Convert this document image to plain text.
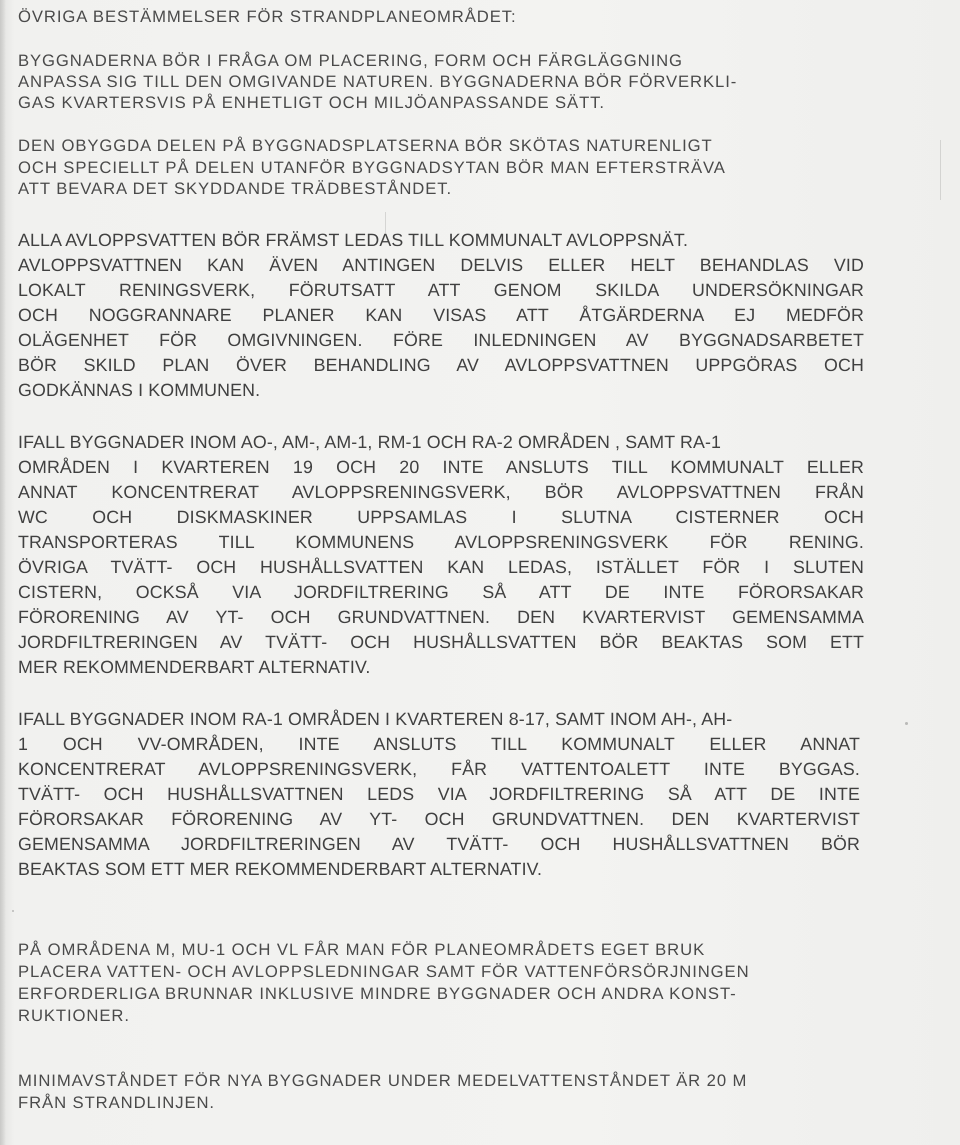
ÖVRIGA BESTÄMMELSER FÖR STRANDPLANEOMRÅDET:
BYGGNADERNA BÖR I FRÅGA OM PLACERING, FORM OCH FÄRGLÄGGNING
ANPASSA SIG TILL DEN OMGIVANDE NATUREN. BYGGNADERNA BÖR FÖRVERKLI-
GAS KVARTERSVIS PÅ ENHETLIGT OCH MILJÖANPASSANDE SÄTT.
DEN OBYGGDA DELEN PÅ BYGGNADSPLATSERNA BÖR SKÖTAS NATURENLIGT
OCH SPECIELLT PÅ DELEN UTANFÖR BYGGNADSYTAN BÖR MAN EFTERSTRÄVA
ATT BEVARA DET SKYDDANDE TRÄDBESTÅNDET.
ALLA AVLOPPSVATTEN BÖR FRÄMST LEDAS TILL KOMMUNALT AVLOPPSNÄT.
AVLOPPSVATTNEN KAN ÄVEN ANTINGEN DELVIS ELLER HELT BEHANDLAS VID
LOKALT RENINGSVERK, FÖRUTSATT ATT GENOM SKILDA UNDERSÖKNINGAR
OCH NOGGRANNARE PLANER KAN VISAS ATT ÅTGÄRDERNA EJ MEDFÖR
OLÄGENHET FÖR OMGIVNINGEN. FÖRE INLEDNINGEN AV BYGGNADSARBETET
BÖR SKILD PLAN ÖVER BEHANDLING AV AVLOPPSVATTNEN UPPGÖRAS OCH
GODKÄNNAS I KOMMUNEN.
IFALL BYGGNADER INOM AO-, AM-, AM-1, RM-1 OCH RA-2 OMRÅDEN , SAMT RA-1
OMRÅDEN I KVARTEREN 19 OCH 20 INTE ANSLUTS TILL KOMMUNALT ELLER
ANNAT KONCENTRERAT AVLOPPSRENINGSVERK, BÖR AVLOPPSVATTNEN FRÅN
WC OCH DISKMASKINER UPPSAMLAS I SLUTNA CISTERNER OCH
TRANSPORTERAS TILL KOMMUNENS AVLOPPSRENINGSVERK FÖR RENING.
ÖVRIGA TVÄTT- OCH HUSHÅLLSVATTEN KAN LEDAS, ISTÄLLET FÖR I SLUTEN
CISTERN, OCKSÅ VIA JORDFILTRERING SÅ ATT DE INTE FÖRORSAKAR
FÖRORENING AV YT- OCH GRUNDVATTNEN. DEN KVARTERVIST GEMENSAMMA
JORDFILTRERINGEN AV TVÄTT- OCH HUSHÅLLSVATTEN BÖR BEAKTAS SOM ETT
MER REKOMMENDERBART ALTERNATIV.
IFALL BYGGNADER INOM RA-1 OMRÅDEN I KVARTEREN 8-17, SAMT INOM AH-, AH-
1 OCH VV-OMRÅDEN, INTE ANSLUTS TILL KOMMUNALT ELLER ANNAT
KONCENTRERAT AVLOPPSRENINGSVERK, FÅR VATTENTOALETT INTE BYGGAS.
TVÄTT- OCH HUSHÅLLSVATTNEN LEDS VIA JORDFILTRERING SÅ ATT DE INTE
FÖRORSAKAR FÖRORENING AV YT- OCH GRUNDVATTNEN. DEN KVARTERVIST
GEMENSAMMA JORDFILTRERINGEN AV TVÄTT- OCH HUSHÅLLSVATTNEN BÖR
BEAKTAS SOM ETT MER REKOMMENDERBART ALTERNATIV.
PÅ OMRÅDENA M, MU-1 OCH VL FÅR MAN FÖR PLANEOMRÅDETS EGET BRUK
PLACERA VATTEN- OCH AVLOPPSLEDNINGAR SAMT FÖR VATTENFÖRSÖRJNINGEN
ERFORDERLIGA BRUNNAR INKLUSIVE MINDRE BYGGNADER OCH ANDRA KONST-
RUKTIONER.
MINIMAVSTÅNDET FÖR NYA BYGGNADER UNDER MEDELVATTENSTÅNDET ÄR 20 M
FRÅN STRANDLINJEN.
